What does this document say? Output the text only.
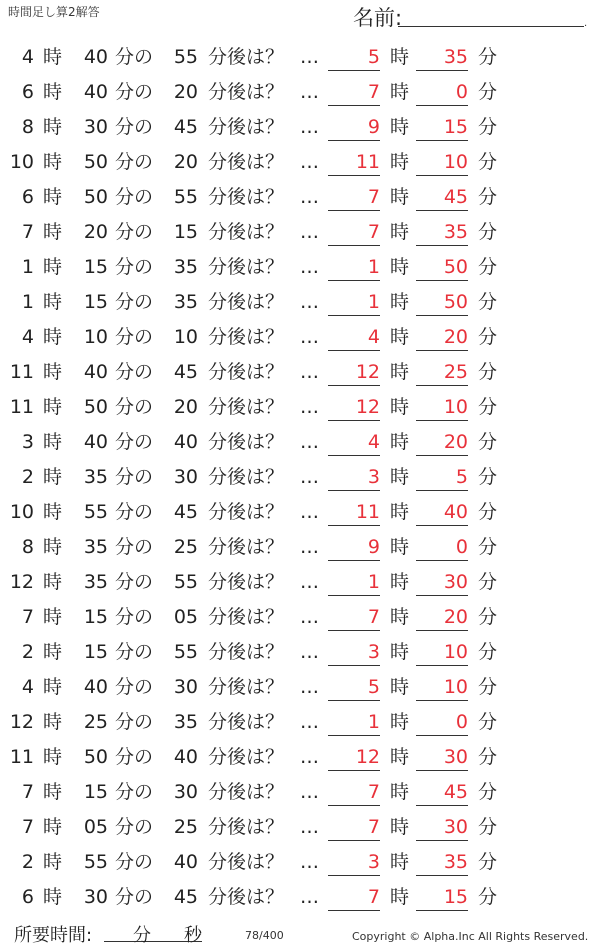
時間足し算2解答	名前:	.
4 時	40 分の	55 分後は？ …	5 時	35 分
6 時	40 分の	20 分後は？ …	7 時	0 分
8 時	30 分の	45 分後は？ …	9 時	15 分
10 時	50 分の	20 分後は？ …	11 時	10 分
6 時	50 分の	55 分後は？ …	7 時	45 分
7 時	20 分の	15 分後は？ …	7 時	35 分
1 時	15 分の	35 分後は？ …	1 時	50 分
1 時	15 分の	35 分後は？ …	1 時	50 分
4 時	10 分の	10 分後は？ …	4 時	20 分
11 時	40 分の	45 分後は？ …	12 時	25 分
11 時	50 分の	20 分後は？ …	12 時	10 分
3 時	40 分の	40 分後は？ …	4 時	20 分
2 時	35 分の	30 分後は？ …	3 時	5 分
10 時	55 分の	45 分後は？ …	11 時	40 分
8 時	35 分の	25 分後は？ …	9 時	0 分
12 時	35 分の	55 分後は？ …	1 時	30 分
7 時	15 分の	05 分後は？ …	7 時	20 分
2 時	15 分の	55 分後は？ …	3 時	10 分
4 時	40 分の	30 分後は？ …	5 時	10 分
12 時	25 分の	35 分後は？ …	1 時	0 分
11 時	50 分の	40 分後は？ …	12 時	30 分
7 時	15 分の	30 分後は？ …	7 時	45 分
7 時	05 分の	25 分後は？ …	7 時	30 分
2 時	55 分の	40 分後は？ …	3 時	35 分
6 時	30 分の	45 分後は？ …	7 時	15 分
所要時間: 分 秒	78/400	Copyright © Alpha.Inc All Rights Reserved.
